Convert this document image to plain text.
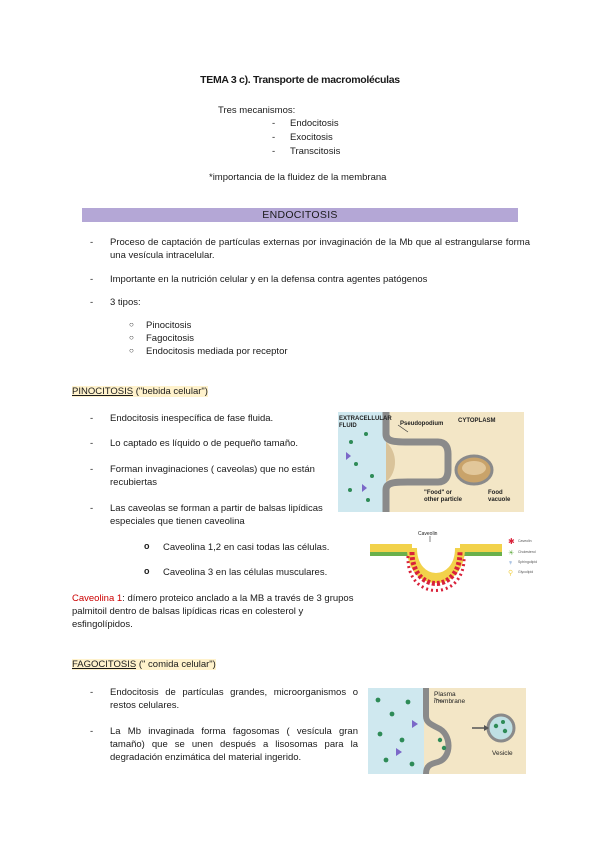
TEMA 3 c). Transporte de macromoléculas
Tres mecanismos:
- Endocitosis
- Exocitosis
- Transcitosis
*importancia de la fluidez de la membrana
ENDOCITOSIS
- Proceso de captación de partículas externas por invaginación de la Mb que al estrangularse forma una vesícula intracelular.
- Importante en la nutrición celular y en la defensa contra agentes patógenos
- 3 tipos:
○ Pinocitosis
○ Fagocitosis
○ Endocitosis mediada por receptor
PINOCITOSIS ("bebida celular")
- Endocitosis inespecífica de fase fluida.
- Lo captado es líquido o de pequeño tamaño.
- Forman invaginaciones ( caveolas) que no están recubiertas
- Las caveolas se forman a partir de balsas lipídicas especiales que tienen caveolina
o Caveolina 1,2 en casi todas las células.
o Caveolina 3 en las células musculares.
Caveolina 1: dímero proteico anclado a la MB a través de 3 grupos palmitoil dentro de balsas lipídicas ricas en colesterol y esfingolípidos.
FAGOCITOSIS (" comida celular")
- Endocitosis de partículas grandes, microorganismos o restos celulares.
- La Mb invaginada forma fagosomas ( vesícula gran tamaño) que se unen después a lisosomas para la degradación enzimática del material ingerido.
EXTRACELLULAR
FLUID
CYTOPLASM
Pseudopodium
"Food" or
other particle
Food
vacuole
Caveolin
✱ Caveolin
☀ Cholesterol
♆ Sphingolipid
⚲ Glycolipid
Plasma
membrane
Vesicle
